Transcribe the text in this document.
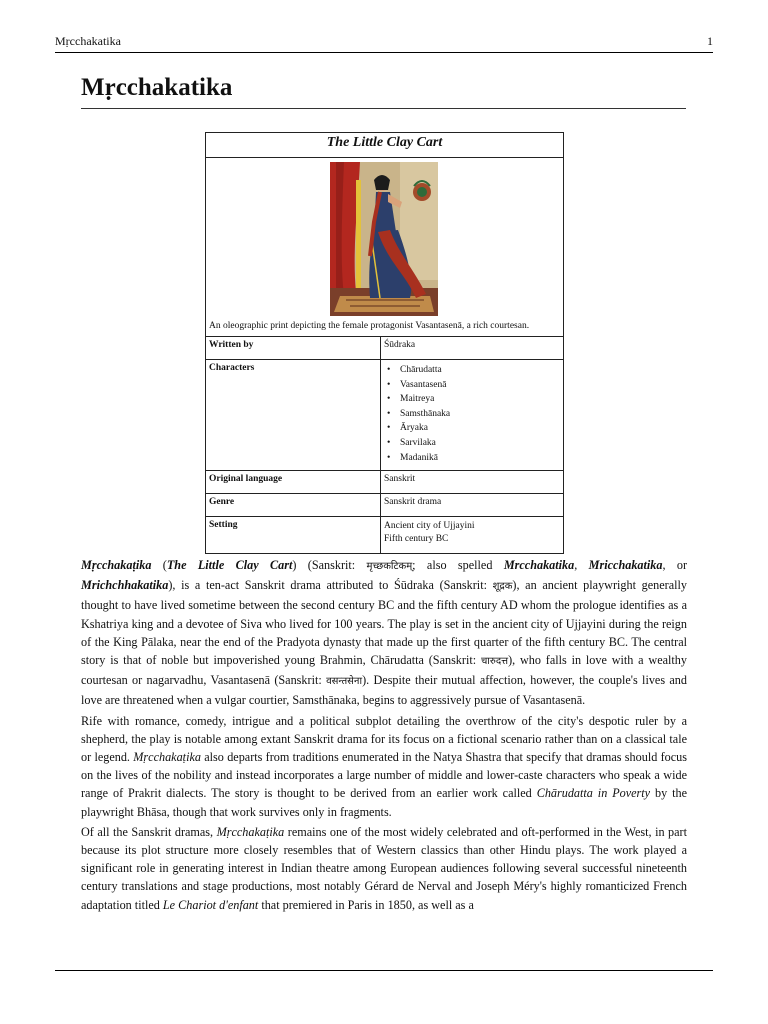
Mṛcchakatika	1
Mṛcchakatika
The Little Clay Cart
An oleographic print depicting the female protagonist Vasantasenā, a rich courtesan.
Written by	Śūdraka
Characters
•	Chārudatta
• Vasantasenā
• Maitreya
• Samsthānaka
• Āryaka
• Sarvilaka
• Madanikā
Original language	Sanskrit
Genre	Sanskrit drama
Setting	Ancient city of Ujjayini
Fifth century BC

Mṛcchakaṭika (The Little Clay Cart) (Sanskrit: मृच्छकटिकम्; also spelled Mrcchakatika, Mricchakatika, or Mrichchhakatika), is a ten-act Sanskrit drama attributed to Śūdraka (Sanskrit: शूद्रक), an ancient playwright generally thought to have lived sometime between the second century BC and the fifth century AD whom the prologue identifies as a Kshatriya king and a devotee of Siva who lived for 100 years. The play is set in the ancient city of Ujjayini during the reign of the King Pālaka, near the end of the Pradyota dynasty that made up the first quarter of the fifth century BC. The central story is that of noble but impoverished young Brahmin, Chārudatta (Sanskrit: चारुदत्त), who falls in love with a wealthy courtesan or nagarvadhu, Vasantasenā (Sanskrit: वसन्तसेना). Despite their mutual affection, however, the couple's lives and love are threatened when a vulgar courtier, Samsthānaka, begins to aggressively pursue of Vasantasenā.

Rife with romance, comedy, intrigue and a political subplot detailing the overthrow of the city's despotic ruler by a shepherd, the play is notable among extant Sanskrit drama for its focus on a fictional scenario rather than on a classical tale or legend. Mṛcchakaṭika also departs from traditions enumerated in the Natya Shastra that specify that dramas should focus on the lives of the nobility and instead incorporates a large number of middle and lower-caste characters who speak a wide range of Prakrit dialects. The story is thought to be derived from an earlier work called Chārudatta in Poverty by the playwright Bhāsa, though that work survives only in fragments.

Of all the Sanskrit dramas, Mṛcchakaṭika remains one of the most widely celebrated and oft-performed in the West, in part because its plot structure more closely resembles that of Western classics than other Hindu plays. The work played a significant role in generating interest in Indian theatre among European audiences following several successful nineteenth century translations and stage productions, most notably Gérard de Nerval and Joseph Méry's highly romanticized French adaptation titled Le Chariot d'enfant that premiered in Paris in 1850, as well as a
